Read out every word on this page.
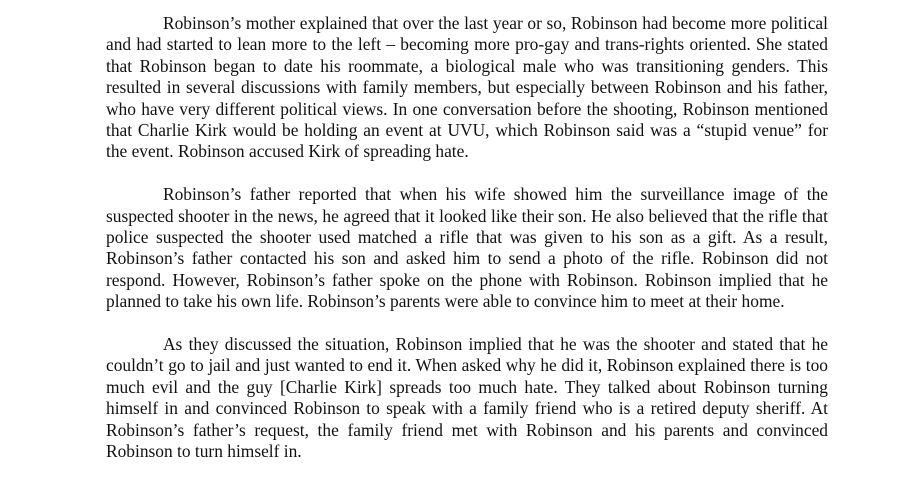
Robinson’s mother explained that over the last year or so, Robinson had become more political and had started to lean more to the left – becoming more pro-gay and trans-rights oriented. She stated that Robinson began to date his roommate, a biological male who was transitioning genders. This resulted in several discussions with family members, but especially between Robinson and his father, who have very different political views. In one conversation before the shooting, Robinson mentioned that Charlie Kirk would be holding an event at UVU, which Robinson said was a “stupid venue” for the event. Robinson accused Kirk of spreading hate.

Robinson’s father reported that when his wife showed him the surveillance image of the suspected shooter in the news, he agreed that it looked like their son. He also believed that the rifle that police suspected the shooter used matched a rifle that was given to his son as a gift. As a result, Robinson’s father contacted his son and asked him to send a photo of the rifle. Robinson did not respond. However, Robinson’s father spoke on the phone with Robinson. Robinson implied that he planned to take his own life. Robinson’s parents were able to convince him to meet at their home.

As they discussed the situation, Robinson implied that he was the shooter and stated that he couldn’t go to jail and just wanted to end it. When asked why he did it, Robinson explained there is too much evil and the guy [Charlie Kirk] spreads too much hate. They talked about Robinson turning himself in and convinced Robinson to speak with a family friend who is a retired deputy sheriff. At Robinson’s father’s request, the family friend met with Robinson and his parents and convinced Robinson to turn himself in.
